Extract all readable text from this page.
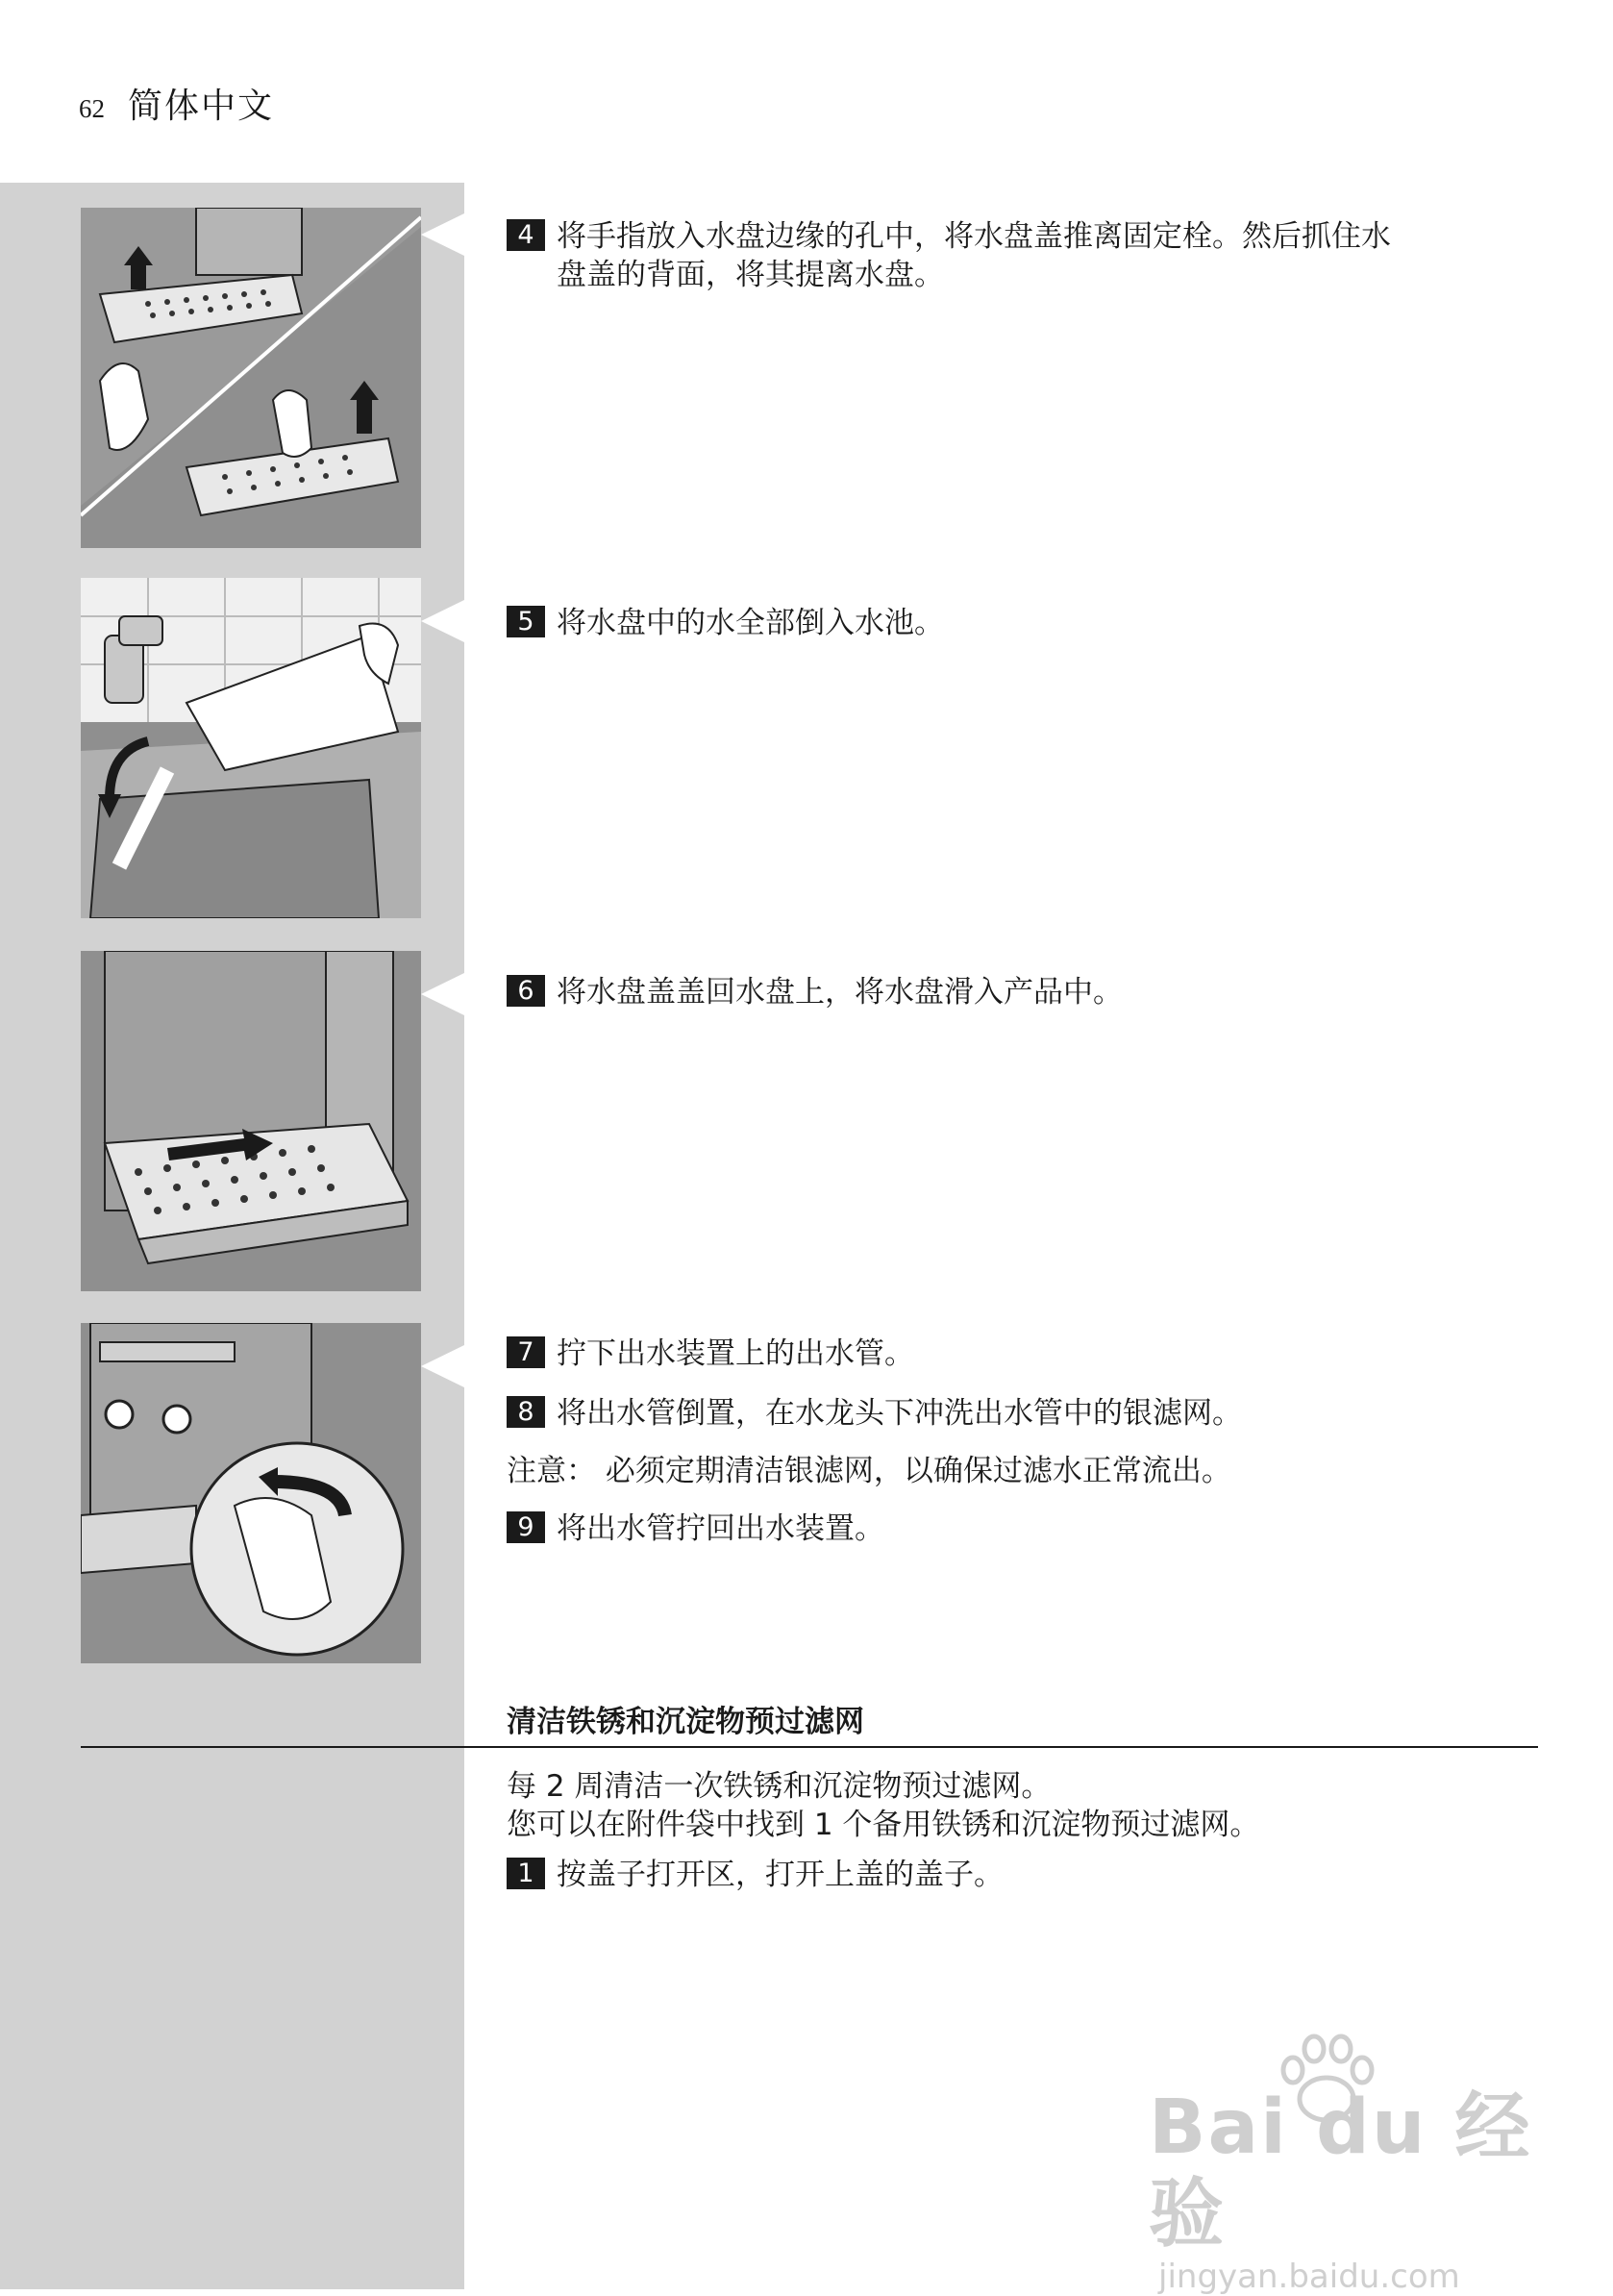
62 简体中文
4 将手指放入水盘边缘的孔中，将水盘盖推离固定栓。然后抓住水
盘盖的背面，将其提离水盘。
5 将水盘中的水全部倒入水池。
6 将水盘盖盖回水盘上，将水盘滑入产品中。
7 拧下出水装置上的出水管。
8 将出水管倒置，在水龙头下冲洗出水管中的银滤网。
注意： 必须定期清洁银滤网，以确保过滤水正常流出。
9 将出水管拧回出水装置。
清洁铁锈和沉淀物预过滤网
每 2 周清洁一次铁锈和沉淀物预过滤网。
您可以在附件袋中找到 1 个备用铁锈和沉淀物预过滤网。
1 按盖子打开区，打开上盖的盖子。
Bai du 经验
jingyan.baidu.com
